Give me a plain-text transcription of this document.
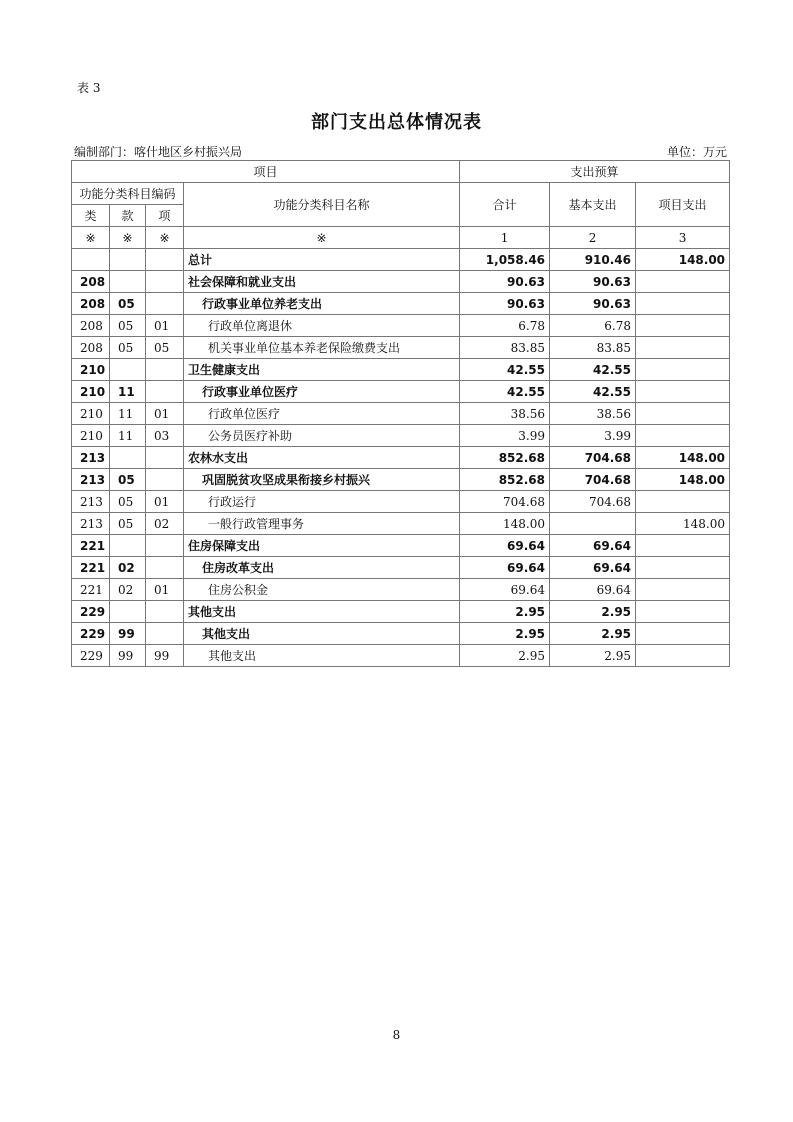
表 3
部门支出总体情况表
编制部门：喀什地区乡村振兴局	单位：万元
项目				支出预算		
功能分类科目编码			功能分类科目名称	合计	基本支出	项目支出
类	款	项				
※	※	※	※	1	2	3
			总计	1,058.46	910.46	148.00
208			社会保障和就业支出	90.63	90.63	
208	05		行政事业单位养老支出	90.63	90.63	
208	05	01	行政单位离退休	6.78	6.78	
208	05	05	机关事业单位基本养老保险缴费支出	83.85	83.85	
210			卫生健康支出	42.55	42.55	
210	11		行政事业单位医疗	42.55	42.55	
210	11	01	行政单位医疗	38.56	38.56	
210	11	03	公务员医疗补助	3.99	3.99	
213			农林水支出	852.68	704.68	148.00
213	05		巩固脱贫攻坚成果衔接乡村振兴	852.68	704.68	148.00
213	05	01	行政运行	704.68	704.68	
213	05	02	一般行政管理事务	148.00		148.00
221			住房保障支出	69.64	69.64	
221	02		住房改革支出	69.64	69.64	
221	02	01	住房公积金	69.64	69.64	
229			其他支出	2.95	2.95	
229	99		其他支出	2.95	2.95	
229	99	99	其他支出	2.95	2.95	
8
